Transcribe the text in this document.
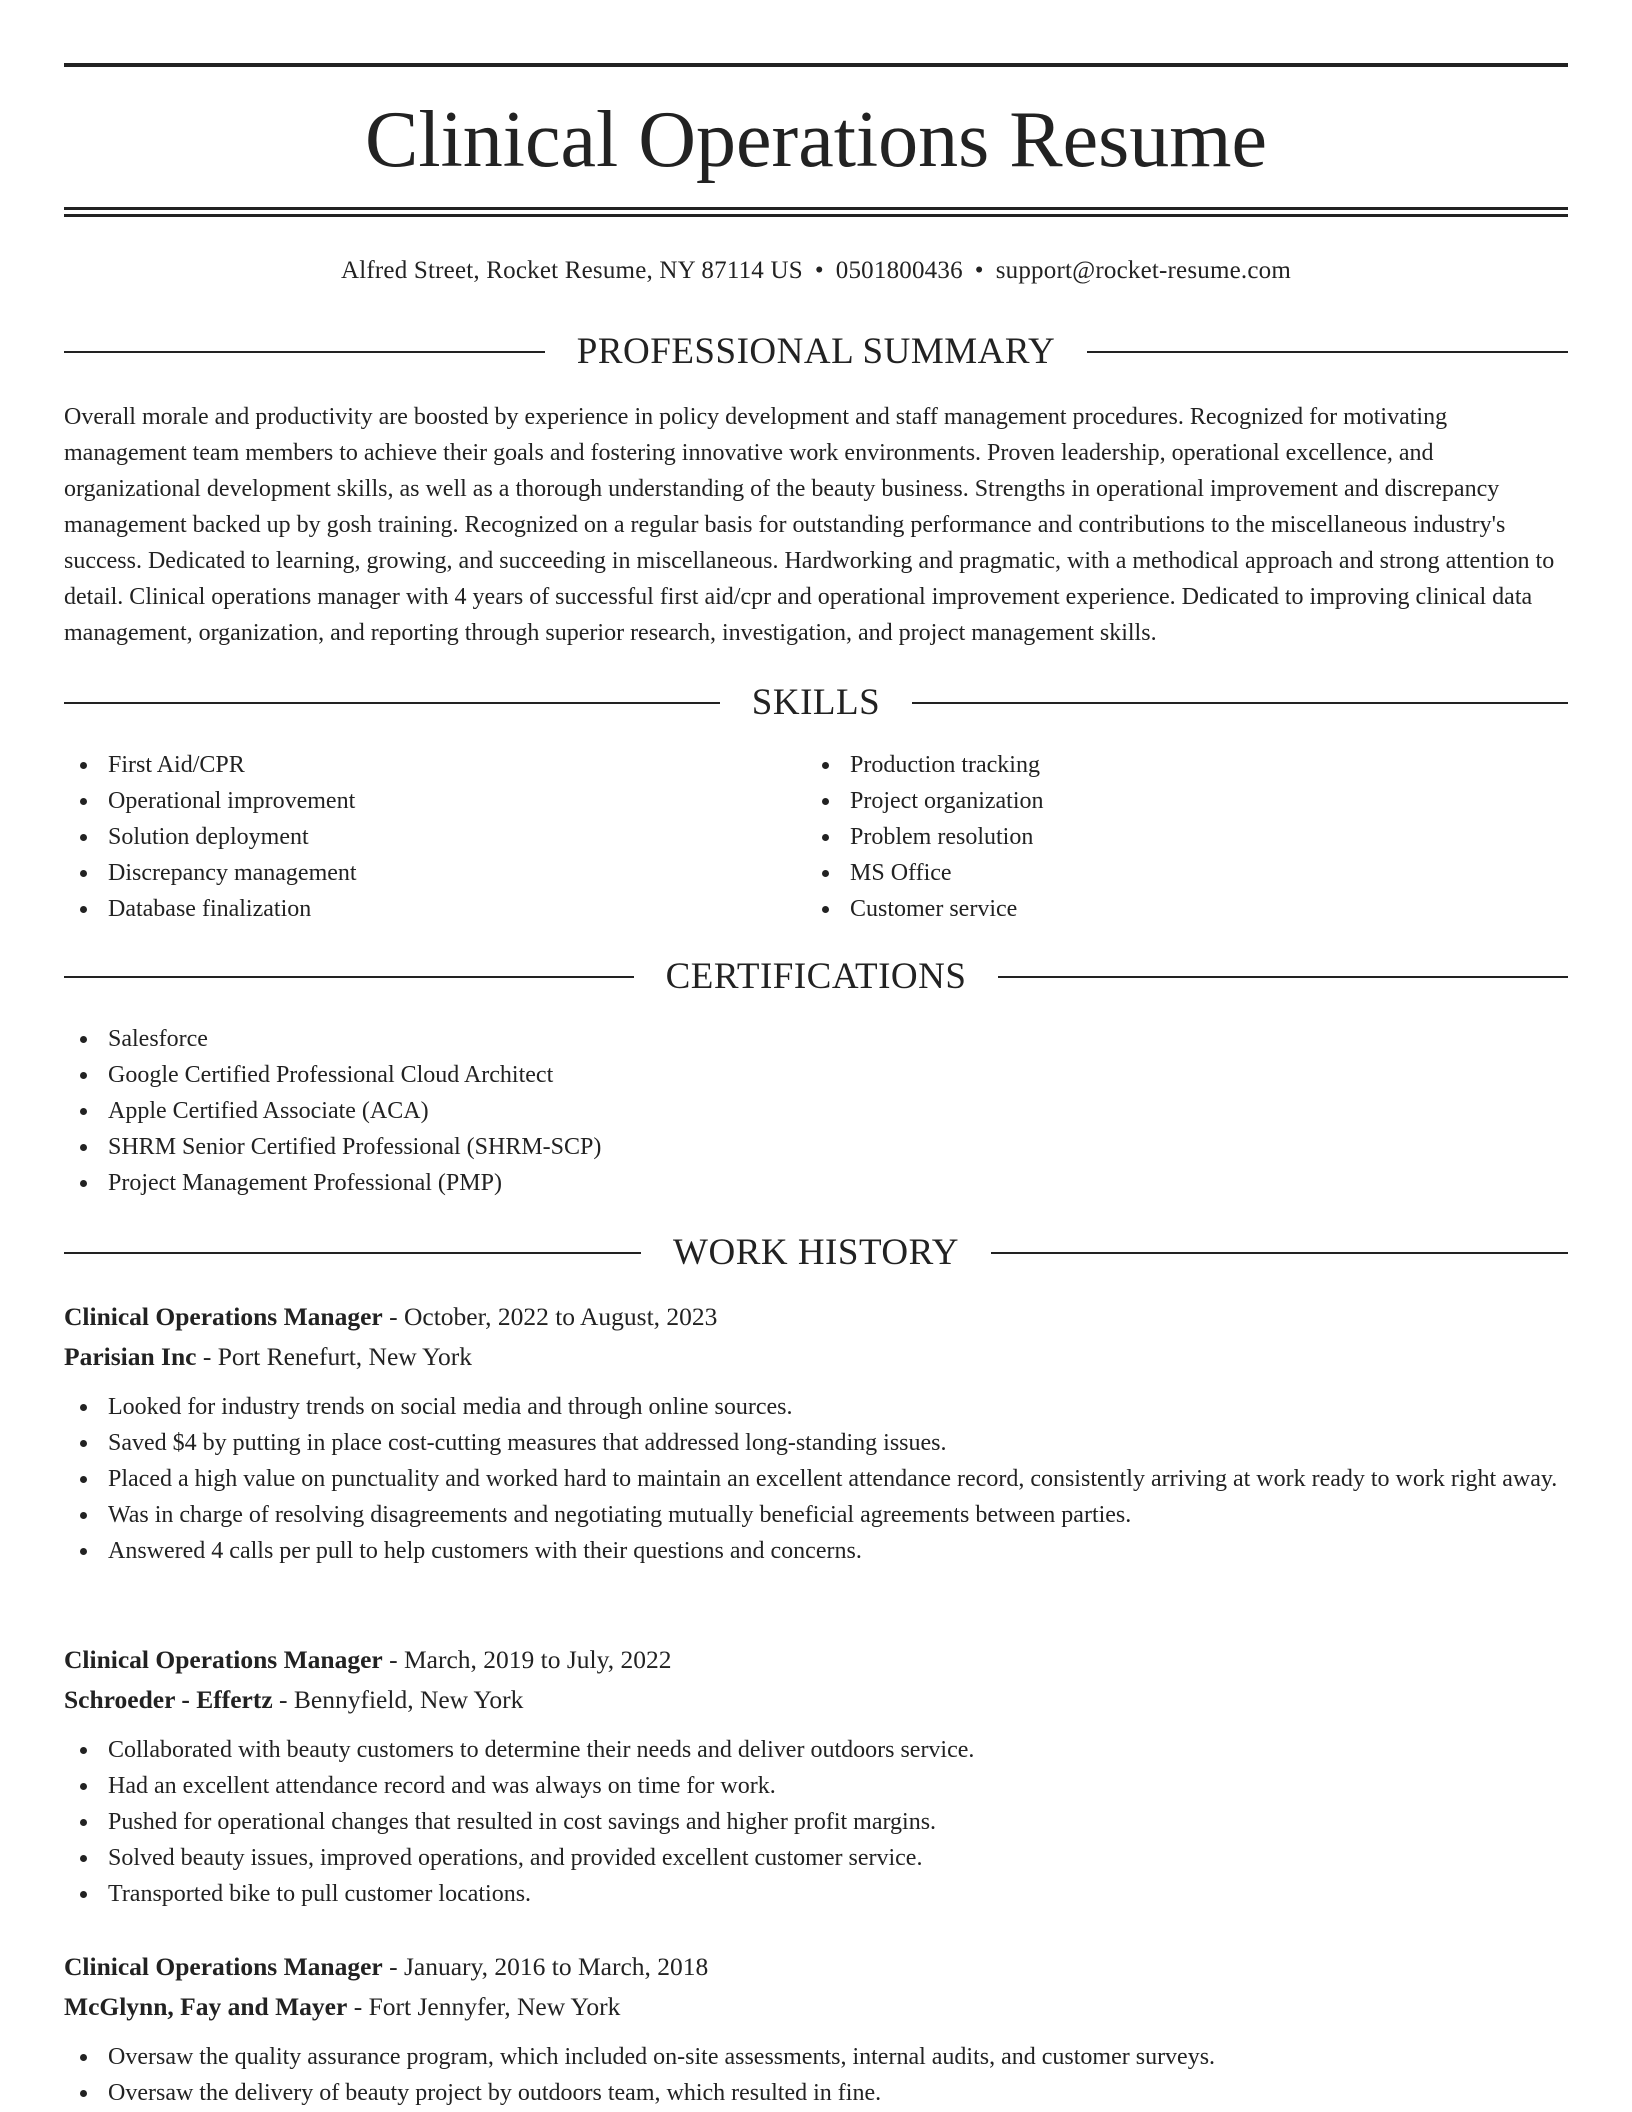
Clinical Operations Resume
Alfred Street, Rocket Resume, NY 87114 US • 0501800436 • support@rocket-resume.com
PROFESSIONAL SUMMARY

Overall morale and productivity are boosted by experience in policy development and staff management procedures. Recognized for motivating management team members to achieve their goals and fostering innovative work environments. Proven leadership, operational excellence, and organizational development skills, as well as a thorough understanding of the beauty business. Strengths in operational improvement and discrepancy management backed up by gosh training. Recognized on a regular basis for outstanding performance and contributions to the miscellaneous industry's success. Dedicated to learning, growing, and succeeding in miscellaneous. Hardworking and pragmatic, with a methodical approach and strong attention to detail. Clinical operations manager with 4 years of successful first aid/cpr and operational improvement experience. Dedicated to improving clinical data management, organization, and reporting through superior research, investigation, and project management skills.

SKILLS
First Aid/CPR
Operational improvement
Solution deployment
Discrepancy management
Database finalization
Production tracking
Project organization
Problem resolution
MS Office
Customer service
CERTIFICATIONS
Salesforce
Google Certified Professional Cloud Architect
Apple Certified Associate (ACA)
SHRM Senior Certified Professional (SHRM-SCP)
Project Management Professional (PMP)
WORK HISTORY
Clinical Operations Manager - October, 2022 to August, 2023
Parisian Inc - Port Renefurt, New York
Looked for industry trends on social media and through online sources.
Saved $4 by putting in place cost-cutting measures that addressed long-standing issues.
Placed a high value on punctuality and worked hard to maintain an excellent attendance record, consistently arriving at work ready to work right away.
Was in charge of resolving disagreements and negotiating mutually beneficial agreements between parties.
Answered 4 calls per pull to help customers with their questions and concerns.
Clinical Operations Manager - March, 2019 to July, 2022
Schroeder - Effertz - Bennyfield, New York
Collaborated with beauty customers to determine their needs and deliver outdoors service.
Had an excellent attendance record and was always on time for work.
Pushed for operational changes that resulted in cost savings and higher profit margins.
Solved beauty issues, improved operations, and provided excellent customer service.
Transported bike to pull customer locations.
Clinical Operations Manager - January, 2016 to March, 2018
McGlynn, Fay and Mayer - Fort Jennyfer, New York
Oversaw the quality assurance program, which included on-site assessments, internal audits, and customer surveys.
Oversaw the delivery of beauty project by outdoors team, which resulted in fine.
